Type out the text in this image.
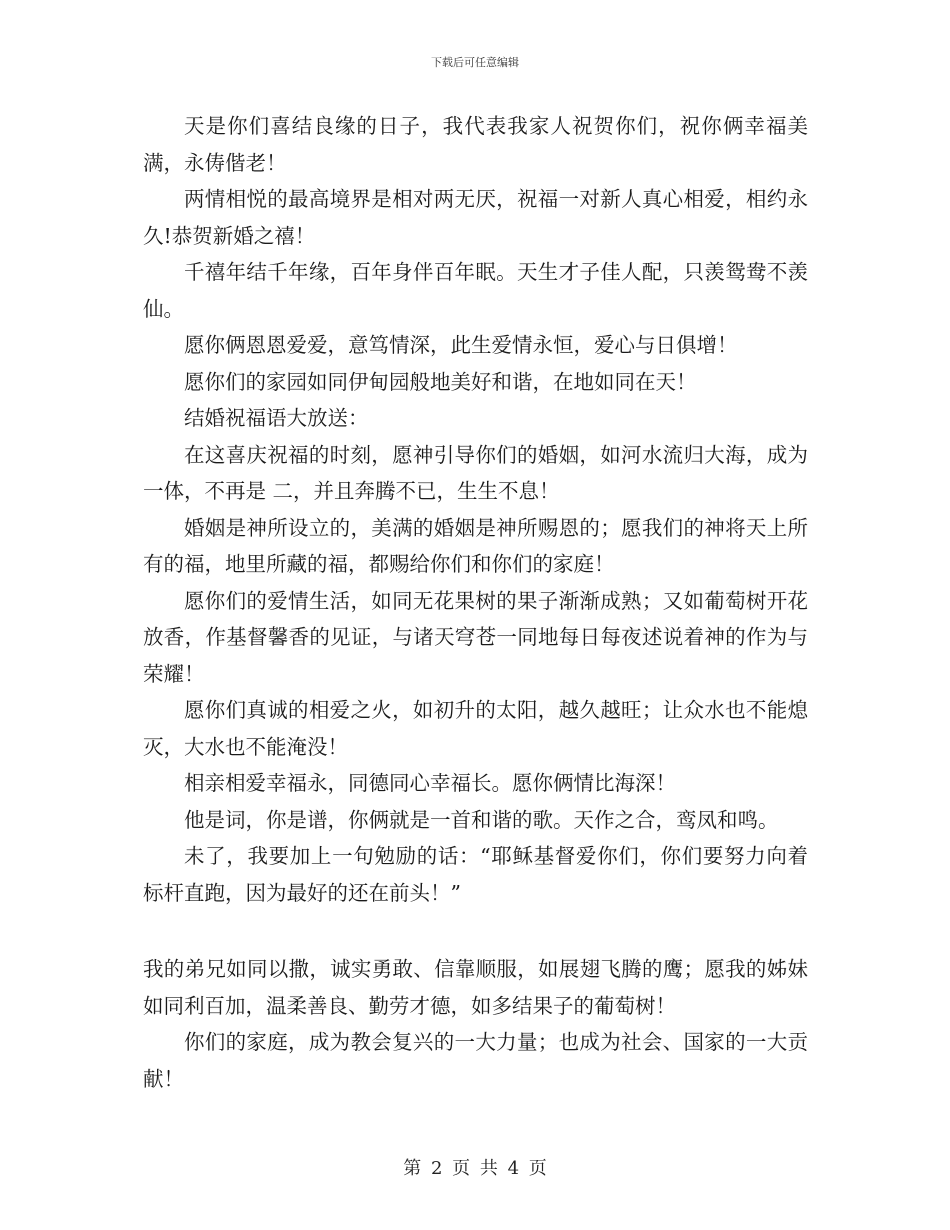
下载后可任意编辑

天是你们喜结良缘的日子，我代表我家人祝贺你们，祝你俩幸福美满，永俦偕老！

两情相悦的最高境界是相对两无厌，祝福一对新人真心相爱，相约永久!恭贺新婚之禧！

千禧年结千年缘，百年身伴百年眠。天生才子佳人配，只羡鸳鸯不羡仙。

愿你俩恩恩爱爱，意笃情深，此生爱情永恒，爱心与日俱增！

愿你们的家园如同伊甸园般地美好和谐，在地如同在天！

结婚祝福语大放送：

在这喜庆祝福的时刻，愿神引导你们的婚姻，如河水流归大海，成为一体，不再是 二，并且奔腾不已，生生不息！

婚姻是神所设立的，美满的婚姻是神所赐恩的；愿我们的神将天上所有的福，地里所藏的福，都赐给你们和你们的家庭！

愿你们的爱情生活，如同无花果树的果子渐渐成熟；又如葡萄树开花放香，作基督馨香的见证，与诸天穹苍一同地每日每夜述说着神的作为与荣耀！

愿你们真诚的相爱之火，如初升的太阳，越久越旺；让众水也不能熄灭，大水也不能淹没！

相亲相爱幸福永，同德同心幸福长。愿你俩情比海深！

他是词，你是谱，你俩就是一首和谐的歌。天作之合，鸾凤和鸣。

未了，我要加上一句勉励的话：“耶稣基督爱你们，你们要努力向着标杆直跑，因为最好的还在前头！”

我的弟兄如同以撒，诚实勇敢、信靠顺服，如展翅飞腾的鹰；愿我的姊妹如同利百加，温柔善良、勤劳才德，如多结果子的葡萄树！

你们的家庭，成为教会复兴的一大力量；也成为社会、国家的一大贡献！

第 2 页 共 4 页
